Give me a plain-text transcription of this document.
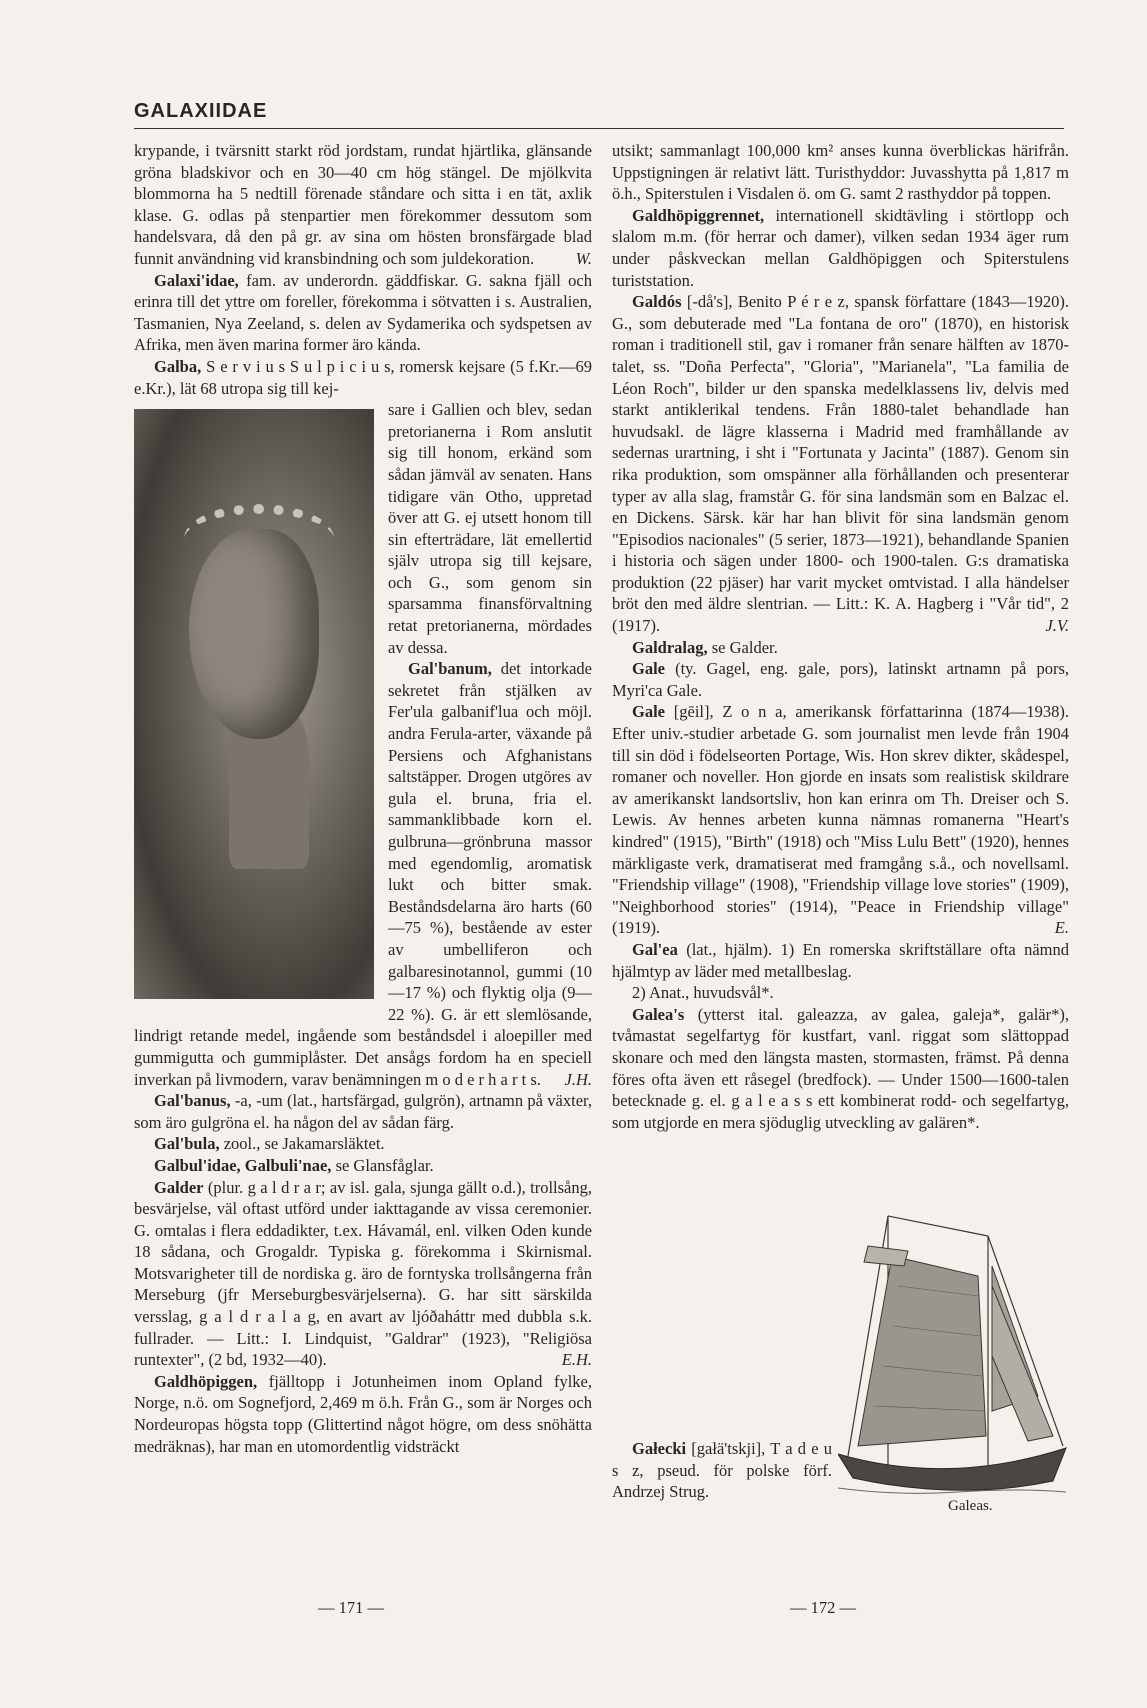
GALAXIIDAE

krypande, i tvärsnitt starkt röd jordstam, rundat hjärtlika, glänsande gröna bladskivor och en 30—40 cm hög stängel. De mjölkvita blommorna ha 5 nedtill förenade ståndare och sitta i en tät, axlik klase. G. odlas på stenpartier men förekommer dessutom som handelsvara, då den på gr. av sina om hösten bronsfärgade blad funnit användning vid kransbindning och som juldekoration.	W.

Galaxi'idae, fam. av underordn. gäddfiskar. G. sakna fjäll och erinra till det yttre om foreller, förekomma i sötvatten i s. Australien, Tasmanien, Nya Zeeland, s. delen av Sydamerika och sydspetsen av Afrika, men även marina former äro kända.

Galba, S e r v i u s S u l p i c i u s, romersk kejsare (5 f.Kr.—69 e.Kr.), lät 68 utropa sig till kej-

sare i Gallien och blev, sedan pretorianerna i Rom anslutit sig till honom, erkänd som sådan jämväl av senaten. Hans tidigare vän Otho, uppretad över att G. ej utsett honom till sin efterträdare, lät emellertid själv utropa sig till kejsare, och G., som genom sin sparsamma finansförvaltning retat pretorianerna, mördades av dessa.

Gal'banum, det intorkade sekretet från stjälken av Fer'ula galbanif'lua och möjl. andra Ferula-arter, växande på Persiens och Afghanistans saltstäpper. Drogen utgöres av gula el. bruna, fria el. sammanklibbade korn el. gulbruna—grönbruna massor med egendomlig, aromatisk lukt och bitter smak. Beståndsdelarna äro harts (60—75 %), bestående av ester av umbelliferon och galbaresinotannol, gummi (10—17 %) och flyktig olja (9—22 %). G. är ett slemlösande, lindrigt retande medel, ingående som beståndsdel i aloepiller med gummigutta och gummiplåster. Det ansågs fordom ha en speciell inverkan på livmodern, varav benämningen m o d e r h a r t s.	J.H.

Gal'banus, -a, -um (lat., hartsfärgad, gulgrön), artnamn på växter, som äro gulgröna el. ha någon del av sådan färg.

Gal'bula, zool., se Jakamarsläktet.

Galbul'idae, Galbuli'nae, se Glansfåglar.

Galder (plur. g a l d r a r; av isl. gala, sjunga gällt o.d.), trollsång, besvärjelse, väl oftast utförd under iakttagande av vissa ceremonier. G. omtalas i flera eddadikter, t.ex. Hávamál, enl. vilken Oden kunde 18 sådana, och Grogaldr. Typiska g. förekomma i Skirnismal. Motsvarigheter till de nordiska g. äro de forntyska trollsångerna från Merseburg (jfr Merseburgbesvärjelserna). G. har sitt särskilda versslag, g a l d r a l a g, en avart av ljóðaháttr med dubbla s.k. fullrader. — Litt.: I. Lindquist, "Galdrar" (1923), "Religiösa runtexter", (2 bd, 1932—40).	E.H.

Galdhöpiggen, fjälltopp i Jotunheimen inom Opland fylke, Norge, n.ö. om Sognefjord, 2,469 m ö.h. Från G., som är Norges och Nordeuropas högsta topp (Glittertind något högre, om dess snöhätta medräknas), har man en utomordentlig vidsträckt

utsikt; sammanlagt 100,000 km² anses kunna överblickas härifrån. Uppstigningen är relativt lätt. Turisthyddor: Juvasshytta på 1,817 m ö.h., Spiterstulen i Visdalen ö. om G. samt 2 rasthyddor på toppen.

Galdhöpiggrennet, internationell skidtävling i störtlopp och slalom m.m. (för herrar och damer), vilken sedan 1934 äger rum under påskveckan mellan Galdhöpiggen och Spiterstulens turiststation.

Galdós [-då's], Benito P é r e z, spansk författare (1843—1920). G., som debuterade med "La fontana de oro" (1870), en historisk roman i traditionell stil, gav i romaner från senare hälften av 1870-talet, ss. "Doña Perfecta", "Gloria", "Marianela", "La familia de Léon Roch", bilder ur den spanska medelklassens liv, delvis med starkt antiklerikal tendens. Från 1880-talet behandlade han huvudsakl. de lägre klasserna i Madrid med framhållande av sedernas urartning, i sht i "Fortunata y Jacinta" (1887). Genom sin rika produktion, som omspänner alla förhållanden och presenterar typer av alla slag, framstår G. för sina landsmän som en Balzac el. en Dickens. Särsk. kär har han blivit för sina landsmän genom "Episodios nacionales" (5 serier, 1873—1921), behandlande Spanien i historia och sägen under 1800- och 1900-talen. G:s dramatiska produktion (22 pjäser) har varit mycket omtvistad. I alla händelser bröt den med äldre slentrian. — Litt.: K. A. Hagberg i "Vår tid", 2 (1917).	J.V.

Galdralag, se Galder.

Gale (ty. Gagel, eng. gale, pors), latinskt artnamn på pors, Myri'ca Gale.

Gale [gēil], Z o n a, amerikansk författarinna (1874—1938). Efter univ.-studier arbetade G. som journalist men levde från 1904 till sin död i födelseorten Portage, Wis. Hon skrev dikter, skådespel, romaner och noveller. Hon gjorde en insats som realistisk skildrare av amerikanskt landsortsliv, hon kan erinra om Th. Dreiser och S. Lewis. Av hennes arbeten kunna nämnas romanerna "Heart's kindred" (1915), "Birth" (1918) och "Miss Lulu Bett" (1920), hennes märkligaste verk, dramatiserat med framgång s.å., och novellsaml. "Friendship village" (1908), "Friendship village love stories" (1909), "Neighborhood stories" (1914), "Peace in Friendship village" (1919).	E.

Gal'ea (lat., hjälm). 1) En romerska skriftställare ofta nämnd hjälmtyp av läder med metallbeslag.

2) Anat., huvudsvål*.

Galea's (ytterst ital. galeazza, av galea, galeja*, galär*), tvåmastat segelfartyg för kustfart, vanl. riggat som slättoppad skonare och med den längsta masten, stormasten, främst. På denna föres ofta även ett råsegel (bredfock). — Under 1500—1600-talen betecknade g. el. g a l e a s s ett kombinerat rodd- och segelfartyg, som utgjorde en mera sjöduglig utveckling av galären*.

Galeas.

Gałecki [gałä'tskji], T a d e u s z, pseud. för polske förf. Andrzej Strug.

— 171 —	— 172 —
